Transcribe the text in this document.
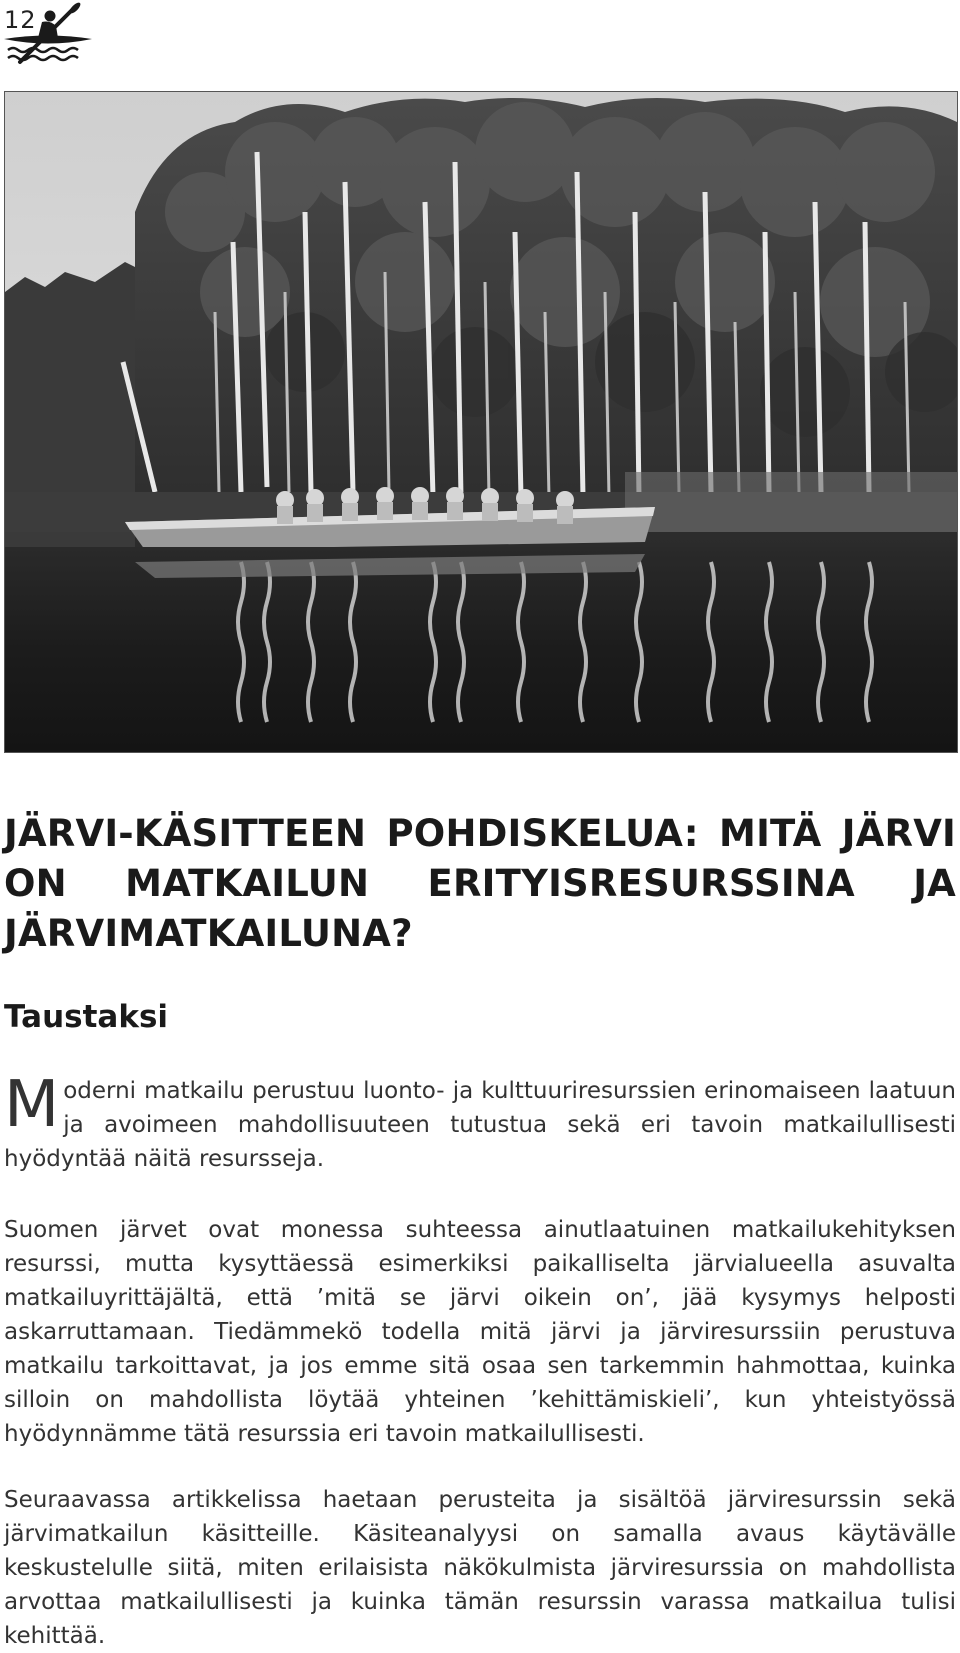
12
JÄRVI-KÄSITTEEN POHDISKELUA: MITÄ JÄRVI ON MATKAILUN ERITYISRESURSSINA JA JÄRVIMATKAILUNA?
Taustaksi

Moderni matkailu perustuu luonto- ja kulttuuriresurssien erinomaiseen laatuun ja avoimeen mahdollisuuteen tutustua sekä eri tavoin matkailullisesti hyödyntää näitä resursseja.

Suomen järvet ovat monessa suhteessa ainutlaatuinen matkailukehityksen resurssi, mutta kysyttäessä esimerkiksi paikalliselta järvialueella asuvalta matkailuyrittäjältä, että ’mitä se järvi oikein on’, jää kysymys helposti askarruttamaan. Tiedämmekö todella mitä järvi ja järviresurssiin perustuva matkailu tarkoittavat, ja jos emme sitä osaa sen tarkemmin hahmottaa, kuinka silloin on mahdollista löytää yhteinen ’kehittämiskieli’, kun yhteistyössä hyödynnämme tätä resurssia eri tavoin matkailullisesti.

Seuraavassa artikkelissa haetaan perusteita ja sisältöä järviresurssin sekä järvimatkailun käsitteille. Käsiteanalyysi on samalla avaus käytävälle keskustelulle siitä, miten erilaisista näkökulmista järviresurssia on mahdollista arvottaa matkailullisesti ja kuinka tämän resurssin varassa matkailua tulisi kehittää.
